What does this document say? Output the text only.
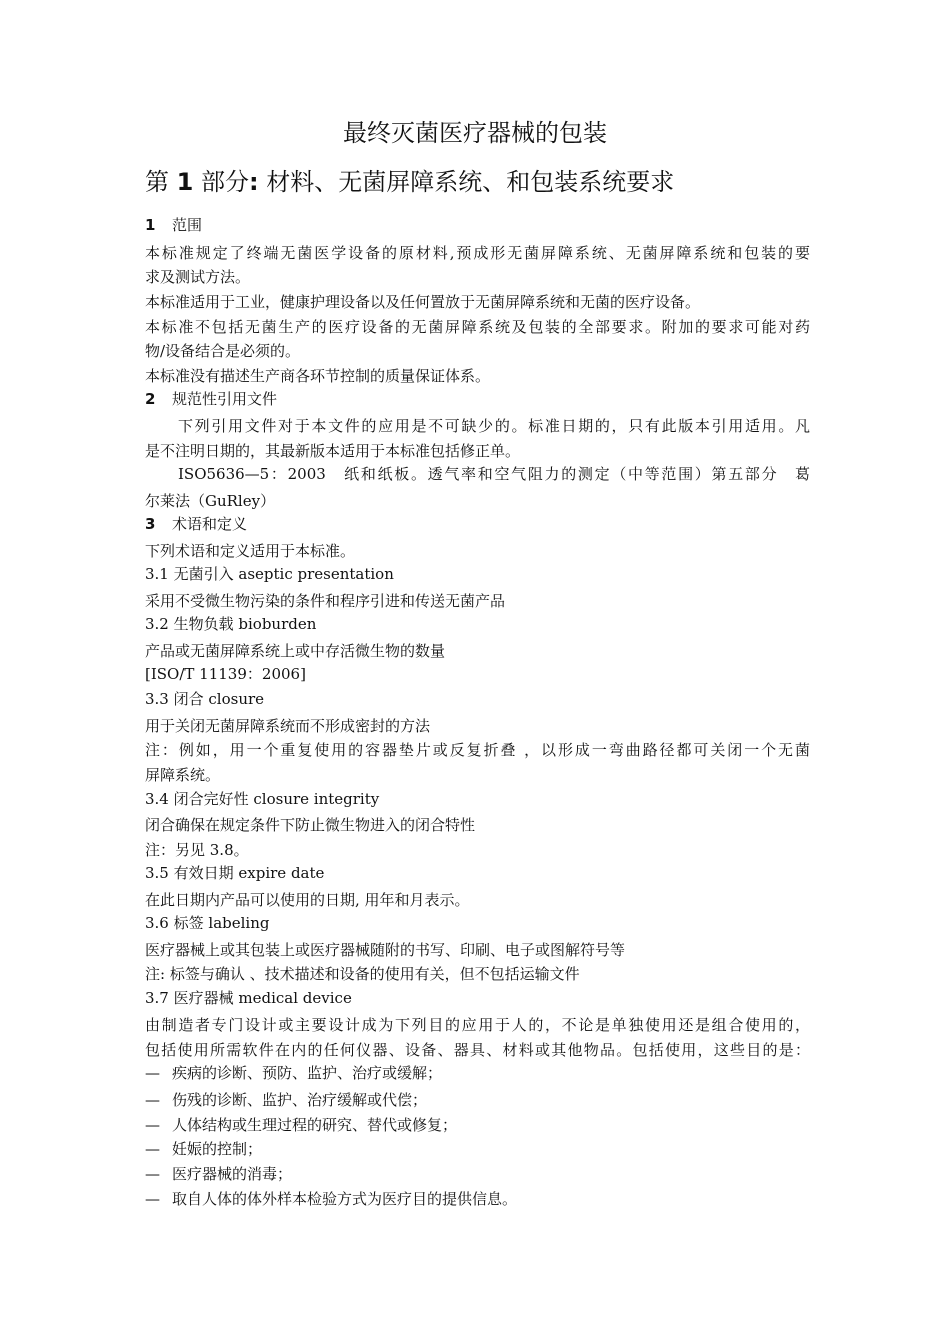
最终灭菌医疗器械的包装
第 1 部分: 材料、无菌屏障系统、和包装系统要求
1 范围
本标准规定了终端无菌医学设备的原材料,预成形无菌屏障系统、无菌屏障系统和包装的要
求及测试方法。
本标准适用于工业，健康护理设备以及任何置放于无菌屏障系统和无菌的医疗设备。
本标准不包括无菌生产的医疗设备的无菌屏障系统及包装的全部要求。附加的要求可能对药
物/设备结合是必须的。
本标准没有描述生产商各环节控制的质量保证体系。
2 规范性引用文件
下列引用文件对于本文件的应用是不可缺少的。标准日期的，只有此版本引用适用。凡
是不注明日期的，其最新版本适用于本标准包括修正单。
ISO5636—5：2003　纸和纸板。透气率和空气阻力的测定（中等范围）第五部分　葛
尔莱法（GuRley）
3 术语和定义
下列术语和定义适用于本标准。
3.1 无菌引入 aseptic presentation
采用不受微生物污染的条件和程序引进和传送无菌产品
3.2 生物负载 bioburden
产品或无菌屏障系统上或中存活微生物的数量
[ISO/T 11139：2006]
3.3 闭合 closure
用于关闭无菌屏障系统而不形成密封的方法
注：例如，用一个重复使用的容器垫片或反复折叠 ，以形成一弯曲路径都可关闭一个无菌
屏障系统。
3.4 闭合完好性 closure integrity
闭合确保在规定条件下防止微生物进入的闭合特性
注：另见 3.8。
3.5 有效日期 expire date
在此日期内产品可以使用的日期, 用年和月表示。
3.6 标签 labeling
医疗器械上或其包装上或医疗器械随附的书写、印刷、电子或图解符号等
注: 标签与确认 、技术描述和设备的使用有关，但不包括运输文件
3.7 医疗器械 medical device
由制造者专门设计或主要设计成为下列目的应用于人的，不论是单独使用还是组合使用的，
包括使用所需软件在内的任何仪器、设备、器具、材料或其他物品。包括使用，这些目的是：
— 疾病的诊断、预防、监护、治疗或缓解；
— 伤残的诊断、监护、治疗缓解或代偿；
— 人体结构或生理过程的研究、替代或修复；
— 妊娠的控制；
— 医疗器械的消毒；
— 取自人体的体外样本检验方式为医疗目的提供信息。
